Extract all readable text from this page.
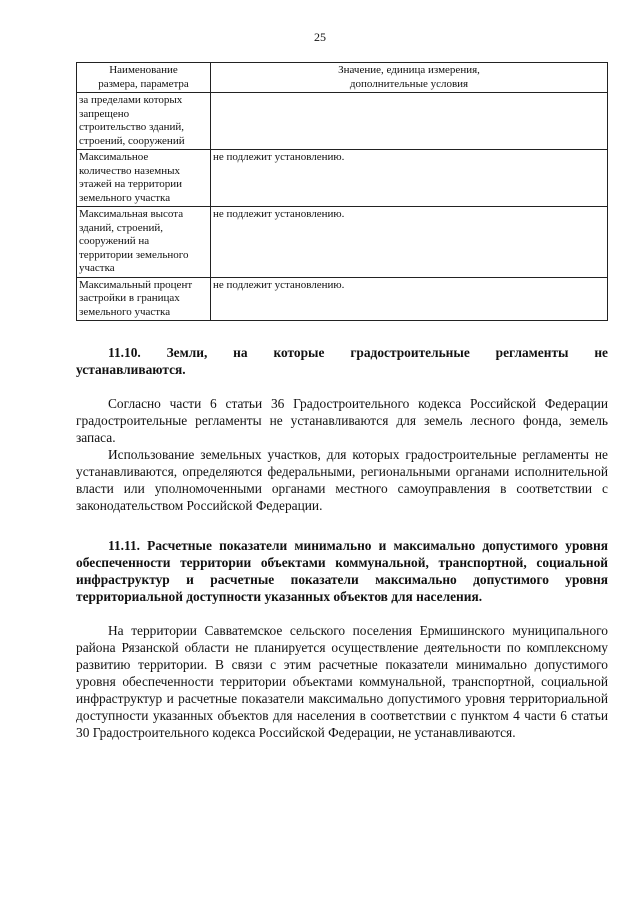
25
Наименование
размера, параметра	Значение, единица измерения,
дополнительные условия

за пределами которых
запрещено
строительство зданий,
строений, сооружений	

Максимальное
количество наземных
этажей на территории
земельного участка	не подлежит установлению.

Максимальная высота
зданий, строений,
сооружений на
территории земельного
участка	не подлежит установлению.

Максимальный процент
застройки в границах
земельного участка	не подлежит установлению.
11.10. Земли, на которые градостроительные регламенты не
устанавливаются.

Согласно части 6 статьи 36 Градостроительного кодекса Российской Федерации градостроительные регламенты не устанавливаются для земель лесного фонда, земель запаса.

Использование земельных участков, для которых градостроительные регламенты не устанавливаются, определяются федеральными, региональными органами исполнительной власти или уполномоченными органами местного самоуправления в соответствии с законодательством Российской Федерации.

11.11. Расчетные показатели минимально и максимально допустимого уровня обеспеченности территории объектами коммунальной, транспортной, социальной инфраструктур и расчетные показатели максимально допустимого уровня территориальной доступности указанных объектов для населения.

На территории Савватемское сельского поселения Ермишинского муниципального района Рязанской области не планируется осуществление деятельности по комплексному развитию территории. В связи с этим расчетные показатели минимально допустимого уровня обеспеченности территории объектами коммунальной, транспортной, социальной инфраструктур и расчетные показатели максимально допустимого уровня территориальной доступности указанных объектов для населения в соответствии с пунктом 4 части 6 статьи 30 Градостроительного кодекса Российской Федерации, не устанавливаются.
